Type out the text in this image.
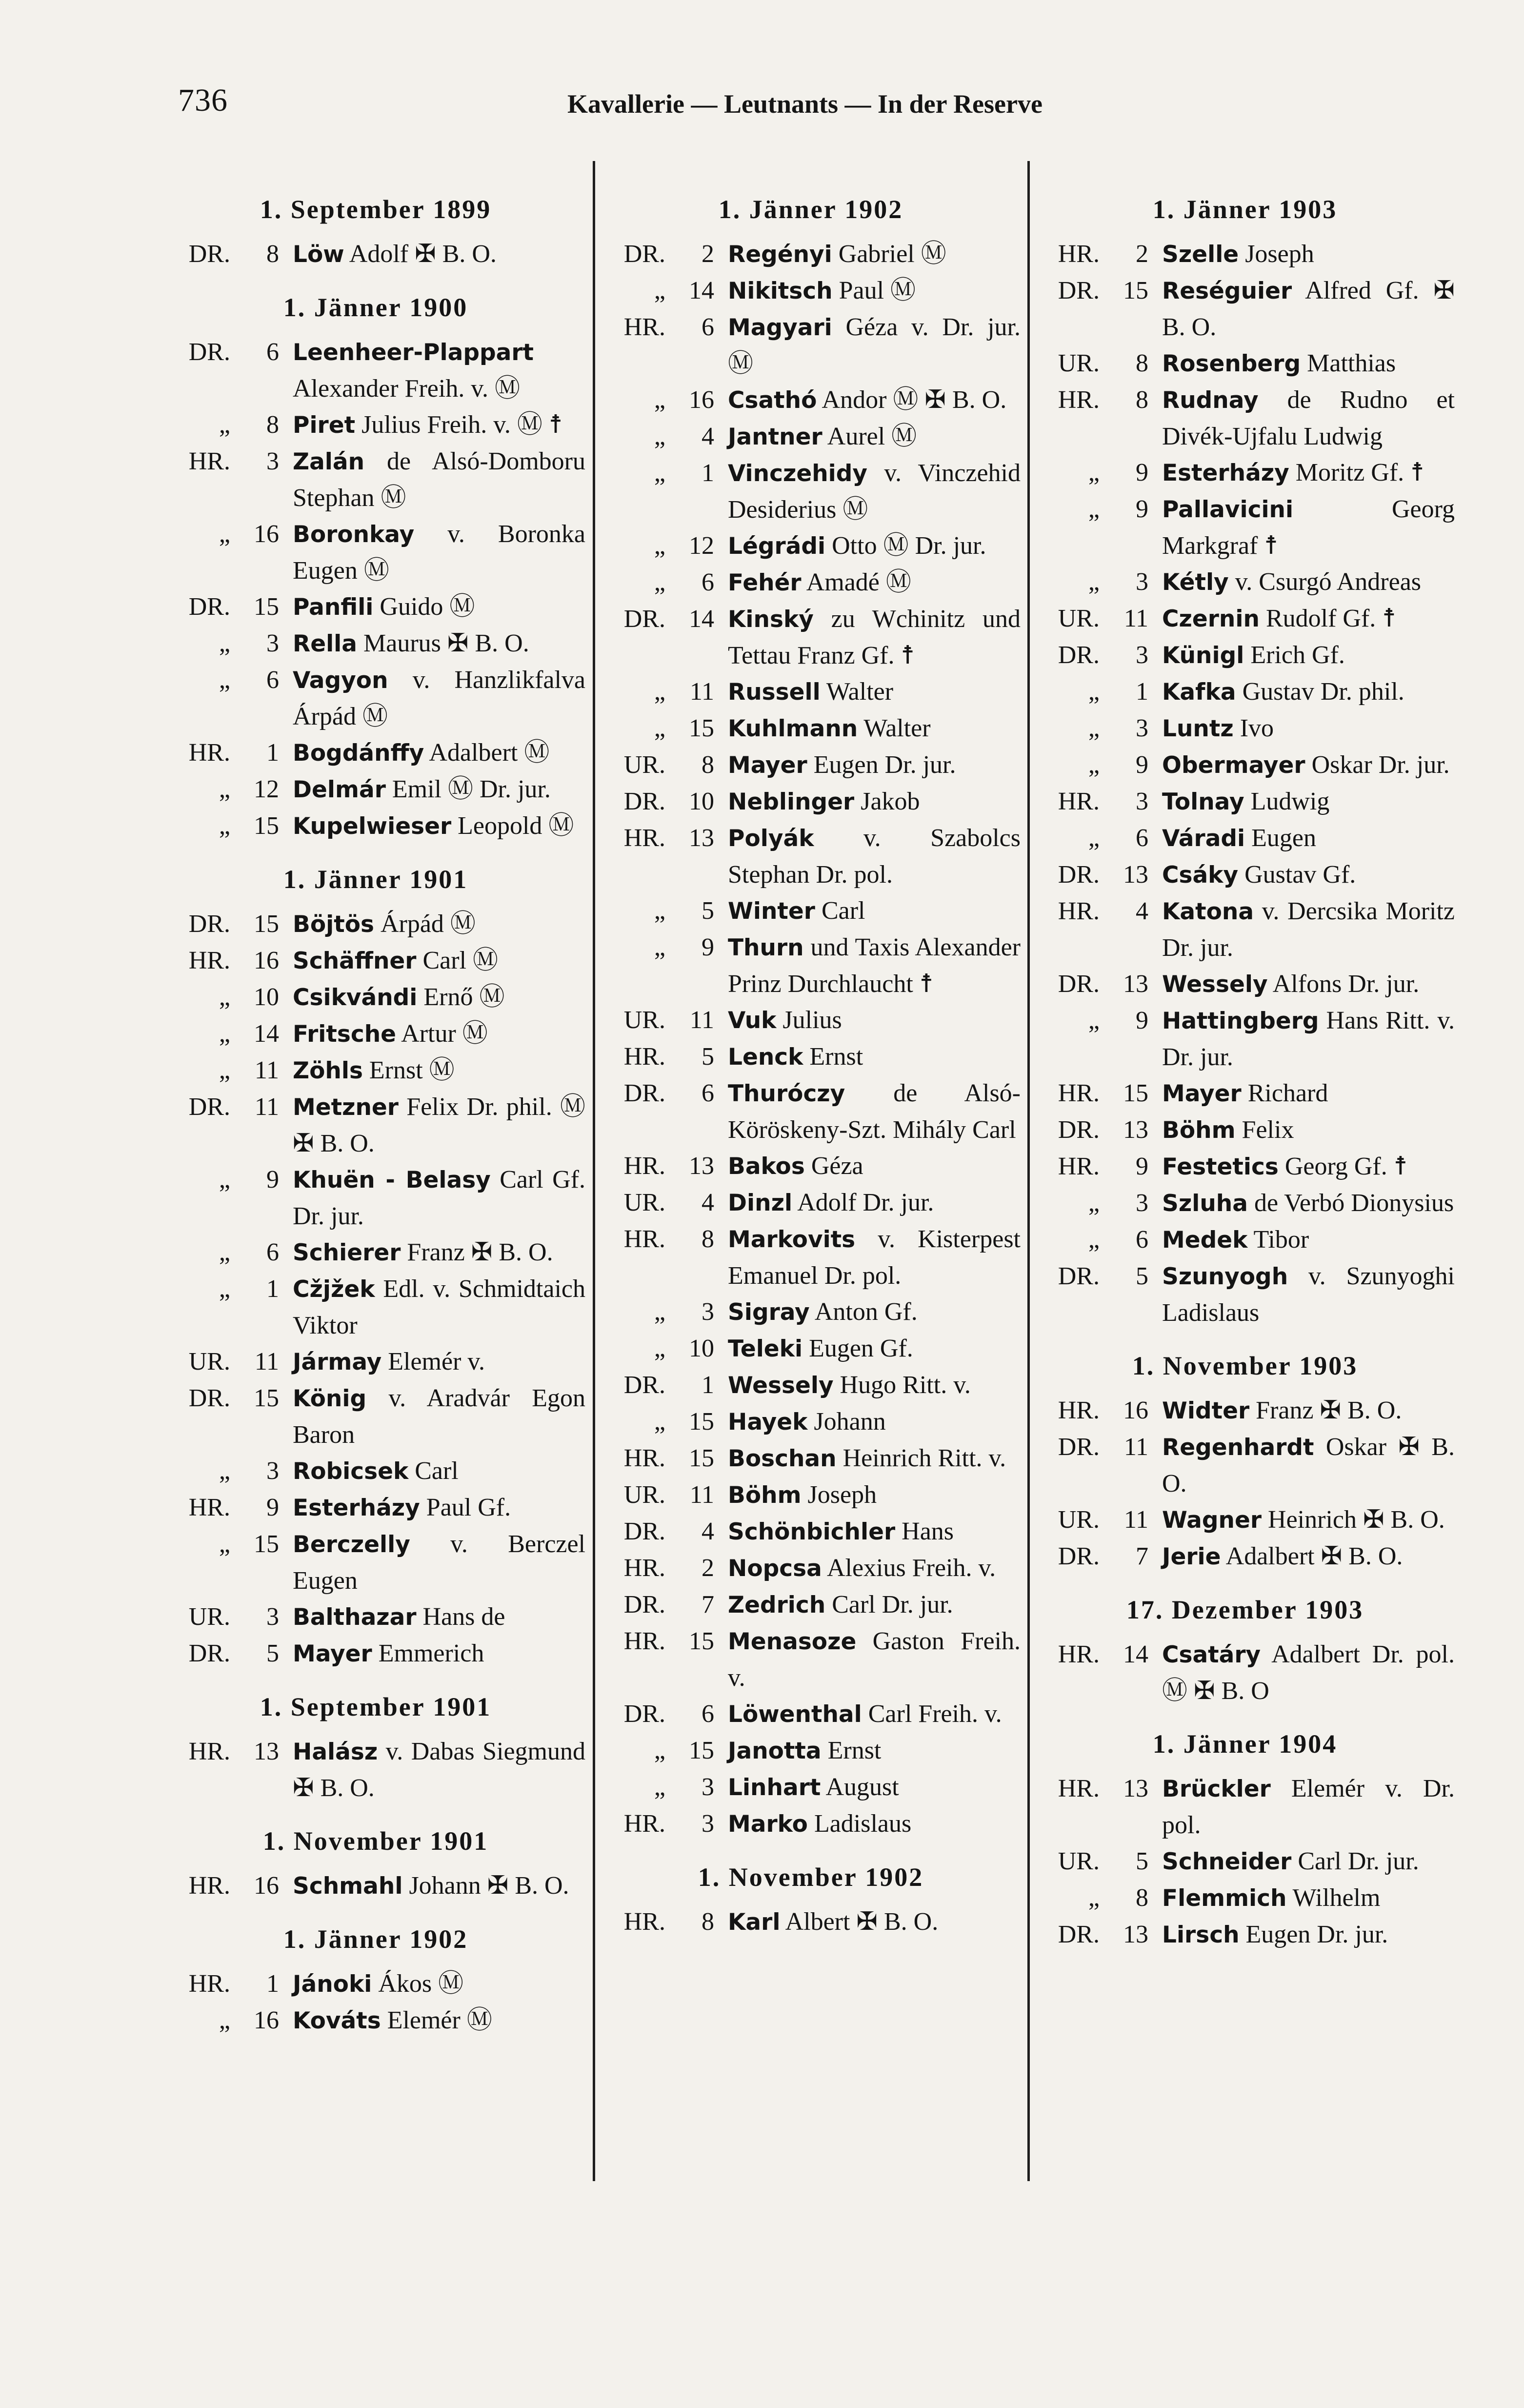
736	Kavallerie — Leutnants — In der Reserve
1. September 1899
DR.	8 Löw Adolf ✠ B. O.
1. Jänner 1900
DR.	6 Leenheer-Plappart Alexander Freih. v. Ⓜ
„	8 Piret Julius Freih. v. Ⓜ ☨
HR.	3 Zalán de Alsó-Domboru Stephan Ⓜ
„ 16 Boronkay v. Boronka Eugen Ⓜ
DR. 15 Panfili Guido Ⓜ
„	3 Rella Maurus ✠ B. O.
„	6 Vagyon v. Hanzlikfalva Árpád Ⓜ
HR.	1 Bogdánffy Adalbert Ⓜ
„ 12 Delmár Emil Ⓜ Dr. jur.
„ 15 Kupelwieser Leopold Ⓜ
1. Jänner 1901
DR. 15 Böjtös Árpád Ⓜ
HR. 16 Schäffner Carl Ⓜ
„ 10 Csikvándi Ernő Ⓜ
„ 14 Fritsche Artur Ⓜ
„ 11 Zöhls Ernst Ⓜ
DR. 11 Metzner Felix Dr. phil. Ⓜ ✠ B. O.
„	9 Khuën - Belasy Carl Gf. Dr. jur.
„	6 Schierer Franz ✠ B. O.
„	1 Cžjžek Edl. v. Schmidtaich Viktor
UR. 11 Jármay Elemér v.
DR. 15 König v. Aradvár Egon Baron
„	3 Robicsek Carl
HR.	9 Esterházy Paul Gf.
„ 15 Berczelly v. Berczel Eugen
UR.	3 Balthazar Hans de
DR.	5 Mayer Emmerich
1. September 1901
HR. 13 Halász v. Dabas Siegmund ✠ B. O.
1. November 1901
HR. 16 Schmahl Johann ✠ B. O.
1. Jänner 1902
HR.	1 Jánoki Ákos Ⓜ
„ 16 Kováts Elemér Ⓜ
1. Jänner 1902
DR.	2 Regényi Gabriel Ⓜ
„ 14 Nikitsch Paul Ⓜ
HR.	6 Magyari Géza v. Dr. jur. Ⓜ
„ 16 Csathó Andor Ⓜ ✠ B. O.
„	4 Jantner Aurel Ⓜ
„	1 Vinczehidy v. Vinczehid Desiderius Ⓜ
„ 12 Légrádi Otto Ⓜ Dr. jur.
„	6 Fehér Amadé Ⓜ
DR. 14 Kinský zu Wchinitz und Tettau Franz Gf. ☨
„ 11 Russell Walter
„ 15 Kuhlmann Walter
UR.	8 Mayer Eugen Dr. jur.
DR. 10 Neblinger Jakob
HR. 13 Polyák v. Szabolcs Stephan Dr. pol.
„	5 Winter Carl
„	9 Thurn und Taxis Alexander Prinz Durchlaucht ☨
UR. 11 Vuk Julius
HR.	5 Lenck Ernst
DR.	6 Thuróczy de Alsó-Köröskeny-Szt. Mihály Carl
HR. 13 Bakos Géza
UR.	4 Dinzl Adolf Dr. jur.
HR.	8 Markovits v. Kisterpest Emanuel Dr. pol.
„	3 Sigray Anton Gf.
„ 10 Teleki Eugen Gf.
DR.	1 Wessely Hugo Ritt. v.
„ 15 Hayek Johann
HR. 15 Boschan Heinrich Ritt. v.
UR. 11 Böhm Joseph
DR.	4 Schönbichler Hans
HR.	2 Nopcsa Alexius Freih. v.
DR.	7 Zedrich Carl Dr. jur.
HR. 15 Menasoze Gaston Freih. v.
DR.	6 Löwenthal Carl Freih. v.
„ 15 Janotta Ernst
„	3 Linhart August
HR.	3 Marko Ladislaus
1. November 1902
HR.	8 Karl Albert ✠ B. O.
1. Jänner 1903
HR.	2 Szelle Joseph
DR. 15 Reséguier Alfred Gf. ✠ B. O.
UR.	8 Rosenberg Matthias
HR.	8 Rudnay de Rudno et Divék-Ujfalu Ludwig
„	9 Esterházy Moritz Gf. ☨
„	9 Pallavicini Georg Markgraf ☨
„	3 Kétly v. Csurgó Andreas
UR. 11 Czernin Rudolf Gf. ☨
DR.	3 Künigl Erich Gf.
„	1 Kafka Gustav Dr. phil.
„	3 Luntz Ivo
„	9 Obermayer Oskar Dr. jur.
HR.	3 Tolnay Ludwig
„	6 Váradi Eugen
DR. 13 Csáky Gustav Gf.
HR.	4 Katona v. Dercsika Moritz Dr. jur.
DR. 13 Wessely Alfons Dr. jur.
„	9 Hattingberg Hans Ritt. v. Dr. jur.
HR. 15 Mayer Richard
DR. 13 Böhm Felix
HR.	9 Festetics Georg Gf. ☨
„	3 Szluha de Verbó Dionysius
„	6 Medek Tibor
DR.	5 Szunyogh v. Szunyoghi Ladislaus
1. November 1903
HR. 16 Widter Franz ✠ B. O.
DR. 11 Regenhardt Oskar ✠ B. O.
UR. 11 Wagner Heinrich ✠ B. O.
DR.	7 Jerie Adalbert ✠ B. O.
17. Dezember 1903
HR. 14 Csatáry Adalbert Dr. pol. Ⓜ ✠ B. O
1. Jänner 1904
HR. 13 Brückler Elemér v. Dr. pol.
UR.	5 Schneider Carl Dr. jur.
„	8 Flemmich Wilhelm
DR. 13 Lirsch Eugen Dr. jur.
